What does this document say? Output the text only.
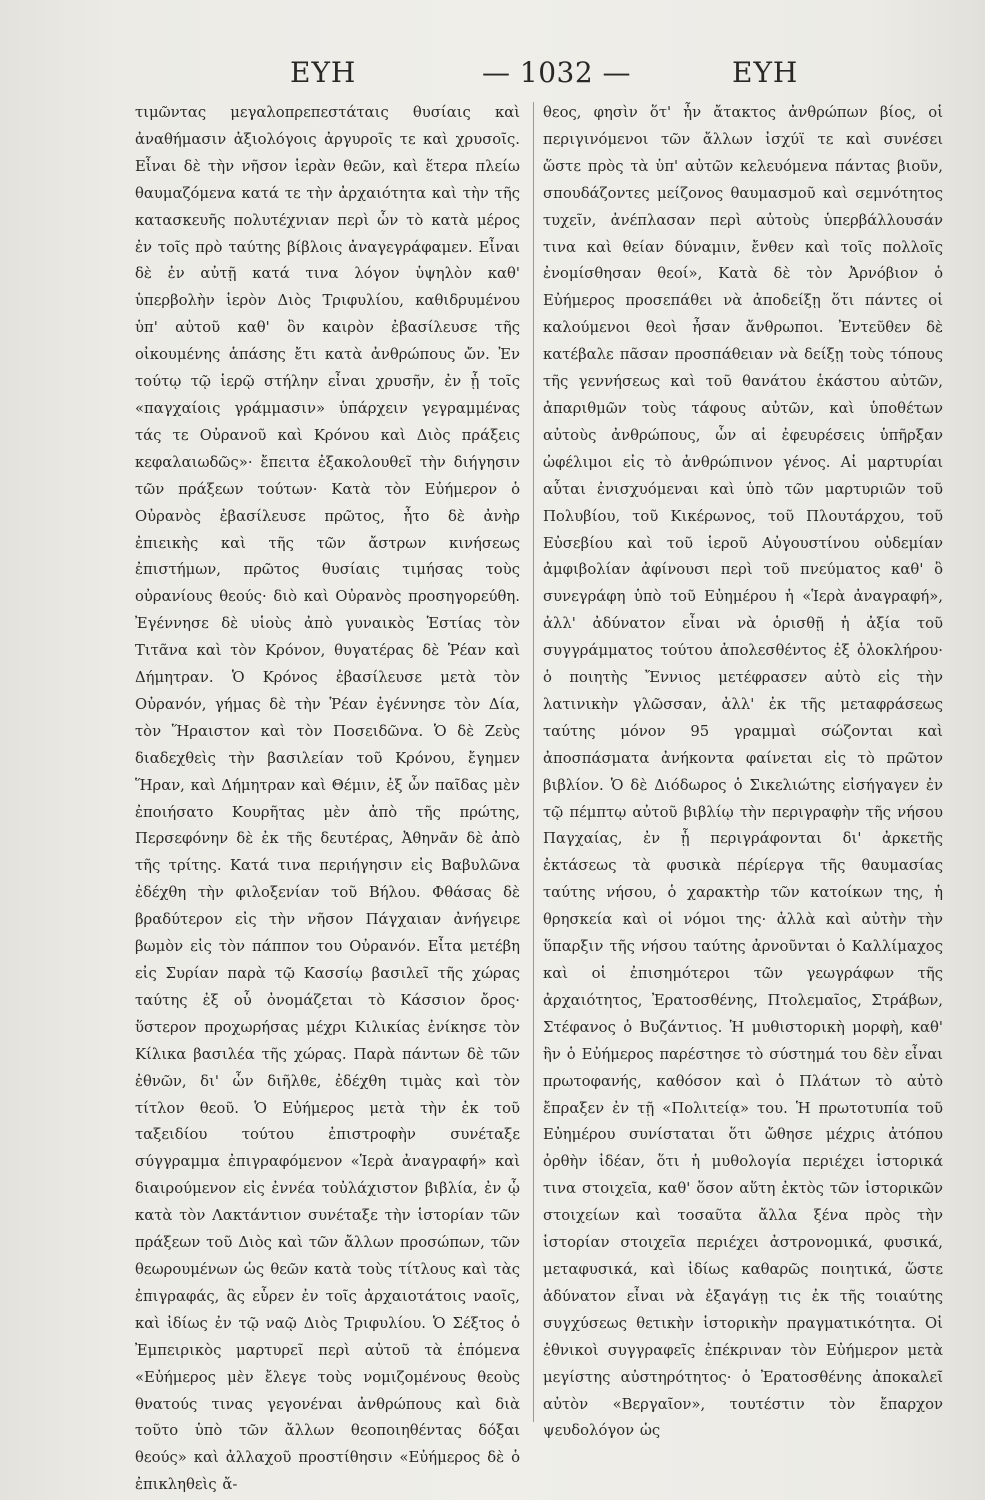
ΕΥΗ	— 1032 —	ΕΥΗ

τιμῶντας μεγαλοπρεπεστάταις θυσίαις καὶ ἀναθήμασιν ἀξιολόγοις ἀργυροῖς τε καὶ χρυσοῖς. Εἶναι δὲ τὴν νῆσον ἱερὰν θεῶν, καὶ ἕτερα πλείω θαυμαζόμενα κατά τε τὴν ἀρχαιότητα καὶ τὴν τῆς κατασκευῆς πολυτέχνιαν περὶ ὧν τὸ κατὰ μέρος ἐν τοῖς πρὸ ταύτης βίβλοις ἀναγεγράφαμεν. Εἶναι δὲ ἐν αὐτῇ κατά τινα λόγον ὑψηλὸν καθ' ὑπερβολὴν ἱερὸν Διὸς Τριφυλίου, καθιδρυμένου ὑπ' αὐτοῦ καθ' ὃν καιρὸν ἐβασίλευσε τῆς οἰκουμένης ἁπάσης ἔτι κατὰ ἀνθρώπους ὤν. Ἐν τούτῳ τῷ ἱερῷ στήλην εἶναι χρυσῆν, ἐν ᾗ τοῖς «παγχαίοις γράμμασιν» ὑπάρχειν γεγραμμένας τάς τε Οὐρανοῦ καὶ Κρόνου καὶ Διὸς πράξεις κεφαλαιωδῶς»· ἔπειτα ἐξακολουθεῖ τὴν διήγησιν τῶν πράξεων τούτων· Κατὰ τὸν Εὐήμερον ὁ Οὐρανὸς ἐβασίλευσε πρῶτος, ἦτο δὲ ἀνὴρ ἐπιεικὴς καὶ τῆς τῶν ἄστρων κινήσεως ἐπιστήμων, πρῶτος θυσίαις τιμήσας τοὺς οὐρανίους θεούς· διὸ καὶ Οὐρανὸς προσηγορεύθη. Ἐγέννησε δὲ υἱοὺς ἀπὸ γυναικὸς Ἑστίας τὸν Τιτᾶνα καὶ τὸν Κρόνον, θυγατέρας δὲ Ῥέαν καὶ Δήμητραν. Ὁ Κρόνος ἐβασίλευσε μετὰ τὸν Οὐρανόν, γήμας δὲ τὴν Ῥέαν ἐγέννησε τὸν Δία, τὸν Ἥραιστον καὶ τὸν Ποσειδῶνα. Ὁ δὲ Ζεὺς διαδεχθεὶς τὴν βασιλείαν τοῦ Κρόνου, ἔγημεν Ἥραν, καὶ Δήμητραν καὶ Θέμιν, ἐξ ὧν παῖδας μὲν ἐποιήσατο Κουρῆτας μὲν ἀπὸ τῆς πρώτης, Περσεφόνην δὲ ἐκ τῆς δευτέρας, Ἀθηνᾶν δὲ ἀπὸ τῆς τρίτης. Κατά τινα περιήγησιν εἰς Βαβυλῶνα ἐδέχθη τὴν φιλοξενίαν τοῦ Βήλου. Φθάσας δὲ βραδύτερον εἰς τὴν νῆσον Πάγχαιαν ἀνήγειρε βωμὸν εἰς τὸν πάππον του Οὐρανόν. Εἶτα μετέβη εἰς Συρίαν παρὰ τῷ Κασσίῳ βασιλεῖ τῆς χώρας ταύτης ἐξ οὗ ὀνομάζεται τὸ Κάσσιον ὄρος· ὕστερον προχωρήσας μέχρι Κιλικίας ἐνίκησε τὸν Κίλικα βασιλέα τῆς χώρας. Παρὰ πάντων δὲ τῶν ἐθνῶν, δι' ὧν διῆλθε, ἐδέχθη τιμὰς καὶ τὸν τίτλον θεοῦ. Ὁ Εὐήμερος μετὰ τὴν ἐκ τοῦ ταξειδίου τούτου ἐπιστροφὴν συνέταξε σύγγραμμα ἐπιγραφόμενον «Ἱερὰ ἀναγραφή» καὶ διαιρούμενον εἰς ἐννέα τοὐλάχιστον βιβλία, ἐν ᾧ κατὰ τὸν Λακτάντιον συνέταξε τὴν ἱστορίαν τῶν πράξεων τοῦ Διὸς καὶ τῶν ἄλλων προσώπων, τῶν θεωρουμένων ὡς θεῶν κατὰ τοὺς τίτλους καὶ τὰς ἐπιγραφάς, ἃς εὗρεν ἐν τοῖς ἀρχαιοτάτοις ναοῖς, καὶ ἰδίως ἐν τῷ ναῷ Διὸς Τριφυλίου. Ὁ Σέξτος ὁ Ἐμπειρικὸς μαρτυρεῖ περὶ αὐτοῦ τὰ ἑπόμενα «Εὐήμερος μὲν ἔλεγε τοὺς νομιζομένους θεοὺς θνατούς τινας γεγονέναι ἀνθρώπους καὶ διὰ τοῦτο ὑπὸ τῶν ἄλλων θεοποιηθέντας δόξαι θεούς» καὶ ἀλλαχοῦ προστίθησιν «Εὐήμερος δὲ ὁ ἐπικληθεὶς ἄ-

θεος, φησὶν ὅτ' ἦν ἄτακτος ἀνθρώπων βίος, οἱ περιγινόμενοι τῶν ἄλλων ἰσχύϊ τε καὶ συνέσει ὥστε πρὸς τὰ ὑπ' αὐτῶν κελευόμενα πάντας βιοῦν, σπουδάζοντες μείζονος θαυμασμοῦ καὶ σεμνότητος τυχεῖν, ἀνέπλασαν περὶ αὐτοὺς ὑπερβάλλουσάν τινα καὶ θείαν δύναμιν, ἔνθεν καὶ τοῖς πολλοῖς ἐνομίσθησαν θεοί», Κατὰ δὲ τὸν Ἀρνόβιον ὁ Εὐήμερος προσεπάθει νὰ ἀποδείξῃ ὅτι πάντες οἱ καλούμενοι θεοὶ ἦσαν ἄνθρωποι. Ἐντεῦθεν δὲ κατέβαλε πᾶσαν προσπάθειαν νὰ δείξῃ τοὺς τόπους τῆς γεννήσεως καὶ τοῦ θανάτου ἑκάστου αὐτῶν, ἀπαριθμῶν τοὺς τάφους αὐτῶν, καὶ ὑποθέτων αὐτοὺς ἀνθρώπους, ὧν αἱ ἐφευρέσεις ὑπῆρξαν ὠφέλιμοι εἰς τὸ ἀνθρώπινον γένος. Αἱ μαρτυρίαι αὗται ἐνισχυόμεναι καὶ ὑπὸ τῶν μαρτυριῶν τοῦ Πολυβίου, τοῦ Κικέρωνος, τοῦ Πλουτάρχου, τοῦ Εὐσεβίου καὶ τοῦ ἱεροῦ Αὐγουστίνου οὐδεμίαν ἀμφιβολίαν ἀφίνουσι περὶ τοῦ πνεύματος καθ' ὃ συνεγράφη ὑπὸ τοῦ Εὐημέρου ἡ «Ἱερὰ ἀναγραφή», ἀλλ' ἀδύνατον εἶναι νὰ ὁρισθῇ ἡ ἀξία τοῦ συγγράμματος τούτου ἀπολεσθέντος ἐξ ὁλοκλήρου· ὁ ποιητὴς Ἔννιος μετέφρασεν αὐτὸ εἰς τὴν λατινικὴν γλῶσσαν, ἀλλ' ἐκ τῆς μεταφράσεως ταύτης μόνον 95 γραμμαὶ σώζονται καὶ ἀποσπάσματα ἀνήκοντα φαίνεται εἰς τὸ πρῶτον βιβλίον. Ὁ δὲ Διόδωρος ὁ Σικελιώτης εἰσήγαγεν ἐν τῷ πέμπτῳ αὐτοῦ βιβλίῳ τὴν περιγραφὴν τῆς νήσου Παγχαίας, ἐν ᾗ περιγράφονται δι' ἀρκετῆς ἐκτάσεως τὰ φυσικὰ πέρίεργα τῆς θαυμασίας ταύτης νήσου, ὁ χαρακτὴρ τῶν κατοίκων της, ἡ θρησκεία καὶ οἱ νόμοι της· ἀλλὰ καὶ αὐτὴν τὴν ὕπαρξιν τῆς νήσου ταύτης ἀρνοῦνται ὁ Καλλίμαχος καὶ οἱ ἐπισημότεροι τῶν γεωγράφων τῆς ἀρχαιότητος, Ἐρατοσθένης, Πτολεμαῖος, Στράβων, Στέφανος ὁ Βυζάντιος. Ἡ μυθιστορικὴ μορφὴ, καθ' ἣν ὁ Εὐήμερος παρέστησε τὸ σύστημά του δὲν εἶναι πρωτοφανής, καθόσον καὶ ὁ Πλάτων τὸ αὐτὸ ἔπραξεν ἐν τῇ «Πολιτείᾳ» του. Ἡ πρωτοτυπία τοῦ Εὐημέρου συνίσταται ὅτι ὤθησε μέχρις ἀτόπου ὀρθὴν ἰδέαν, ὅτι ἡ μυθολογία περιέχει ἱστορικά τινα στοιχεῖα, καθ' ὅσον αὕτη ἐκτὸς τῶν ἱστορικῶν στοιχείων καὶ τοσαῦτα ἄλλα ξένα πρὸς τὴν ἱστορίαν στοιχεῖα περιέχει ἀστρονομικά, φυσικά, μεταφυσικά, καὶ ἰδίως καθαρῶς ποιητικά, ὥστε ἀδύνατον εἶναι νὰ ἐξαγάγῃ τις ἐκ τῆς τοιαύτης συγχύσεως θετικὴν ἱστορικὴν πραγματικότητα. Οἱ ἐθνικοὶ συγγραφεῖς ἐπέκριναν τὸν Εὐήμερον μετὰ μεγίστης αὐστηρότητος· ὁ Ἐρατοσθένης ἀποκαλεῖ αὐτὸν «Βεργαῖον», τουτέστιν τὸν ἔπαρχον ψευδολόγον ὡς
